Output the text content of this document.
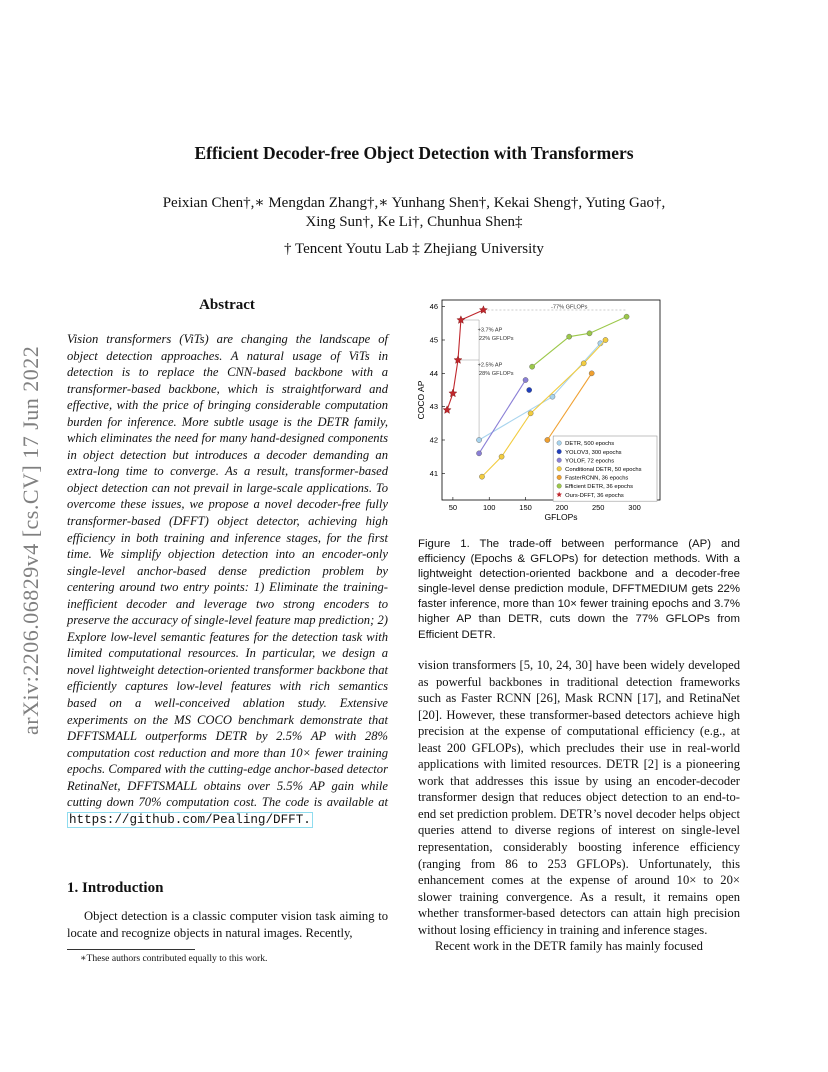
Efficient Decoder-free Object Detection with Transformers
Peixian Chen†,∗ Mengdan Zhang†,∗ Yunhang Shen†, Kekai Sheng†, Yuting Gao†,
Xing Sun†, Ke Li†, Chunhua Shen‡
† Tencent Youtu Lab ‡ Zhejiang University
arXiv:2206.06829v4 [cs.CV] 17 Jun 2022
Abstract
Vision transformers (ViTs) are changing the landscape of object detection approaches. A natural usage of ViTs in detection is to replace the CNN-based backbone with a transformer-based backbone, which is straightforward and effective, with the price of bringing considerable computation burden for inference. More subtle usage is the DETR family, which eliminates the need for many hand-designed components in object detection but introduces a decoder demanding an extra-long time to converge. As a result, transformer-based object detection can not prevail in large-scale applications. To overcome these issues, we propose a novel decoder-free fully transformer-based (DFFT) object detector, achieving high efficiency in both training and inference stages, for the first time. We simplify objection detection into an encoder-only single-level anchor-based dense prediction problem by centering around two entry points: 1) Eliminate the training-inefficient decoder and leverage two strong encoders to preserve the accuracy of single-level feature map prediction; 2) Explore low-level semantic features for the detection task with limited computational resources. In particular, we design a novel lightweight detection-oriented transformer backbone that efficiently captures low-level features with rich semantics based on a well-conceived ablation study. Extensive experiments on the MS COCO benchmark demonstrate that DFFTSMALL outperforms DETR by 2.5% AP with 28% computation cost reduction and more than 10× fewer training epochs. Compared with the cutting-edge anchor-based detector RetinaNet, DFFTSMALL obtains over 5.5% AP gain while cutting down 70% computation cost. The code is available at https://github.com/Pealing/DFFT.
1. Introduction
Object detection is a classic computer vision task aiming to locate and recognize objects in natural images. Recently,
∗These authors contributed equally to this work.
50	100	150	200	250	300
41
42
43
44
45
46
GFLOPs
COCO AP
-77% GFLOPs
+3.7% AP
22% GFLOPs
+2.5% AP
28% GFLOPs
DETR, 500 epochs
YOLOV3, 300 epochs
YOLOF, 72 epochs
Conditional DETR, 50 epochs
FasterRCNN, 36 epochs
Efficient DETR, 36 epochs
Ours-DFFT, 36 epochs
Figure 1. The trade-off between performance (AP) and efficiency (Epochs & GFLOPs) for detection methods. With a lightweight detection-oriented backbone and a decoder-free single-level dense prediction module, DFFTMEDIUM gets 22% faster inference, more than 10× fewer training epochs and 3.7% higher AP than DETR, cuts down the 77% GFLOPs from Efficient DETR.
vision transformers [5, 10, 24, 30] have been widely developed as powerful backbones in traditional detection frameworks such as Faster RCNN [26], Mask RCNN [17], and RetinaNet [20]. However, these transformer-based detectors achieve high precision at the expense of computational efficiency (e.g., at least 200 GFLOPs), which precludes their use in real-world applications with limited resources. DETR [2] is a pioneering work that addresses this issue by using an encoder-decoder transformer design that reduces object detection to an end-to-end set prediction problem. DETR’s novel decoder helps object queries attend to diverse regions of interest on single-level representation, considerably boosting inference efficiency (ranging from 86 to 253 GFLOPs). Unfortunately, this enhancement comes at the expense of around 10× to 20× slower training convergence. As a result, it remains open whether transformer-based detectors can attain high precision without losing efficiency in training and inference stages.
Recent work in the DETR family has mainly focused
